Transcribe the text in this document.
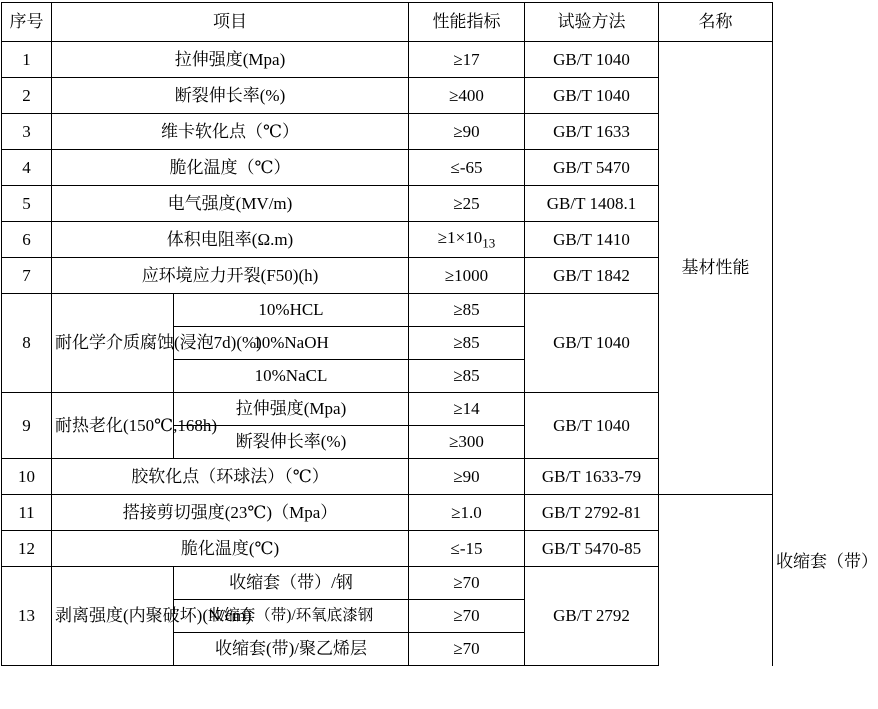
序号	项目		性能指标	试验方法	名称	
1	拉伸强度(Mpa)		≥17	GB/T 1040	基材性能	
2	断裂伸长率(%)		≥400	GB/T 1040		
3	维卡软化点（℃）		≥90	GB/T 1633		
4	脆化温度（℃）		≤-65	GB/T 5470		
5	电气强度(MV/m)		≥25	GB/T 1408.1		
6	体积电阻率(Ω.m)		$\ge 1\times 10^{13}$	GB/T 1410		
7	应环境应力开裂(F50)(h)		≥1000	GB/T 1842		
8	耐化学介质腐蚀(浸泡7d)(%)	10%HCL	≥85	GB/T 1040		
		10%NaOH	≥85			
		10%NaCL	≥85			
9	耐热老化(150℃,168h)	拉伸强度(Mpa)	≥14	GB/T 1040		
		断裂伸长率(%)	≥300			
10	胶软化点（环球法）（℃）		≥90	GB/T 1633-79		收缩套（带）
11	搭接剪切强度(23℃)（Mpa）		≥1.0	GB/T 2792-81		
12	脆化温度(℃)		≤-15	GB/T 5470-85		
13	剥离强度(内聚破坏)(N/cm)	收缩套（带）/钢	≥70	GB/T 2792		
		收缩套（带)/环氧底漆钢	≥70			
		收缩套(带)/聚乙烯层	≥70			
